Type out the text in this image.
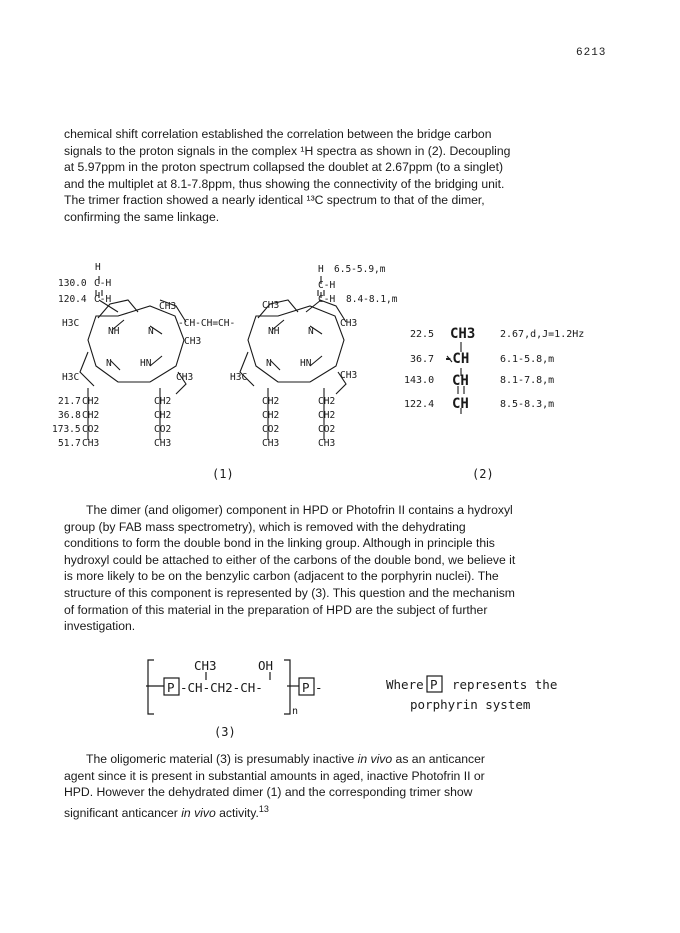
6213
chemical shift correlation established the correlation between the bridge carbon
signals to the proton signals in the complex ¹H spectra as shown in (2). Decoupling
at 5.97ppm in the proton spectrum collapsed the doublet at 2.67ppm (to a singlet)
and the multiplet at 8.1-7.8ppm, thus showing the connectivity of the bridging unit.
The trimer fraction showed a nearly identical ¹³C spectrum to that of the dimer,
confirming the same linkage.
H
130.0 C-H
120.4 C-H
CH3
H3C
NH	N
-CH-CH=CH-
CH3
N	HN
H3C	CH3
H 6.5-5.9,m
C-H
C-H 8.4-8.1,m
CH3
CH3
NH	N
N	HN
H3C	CH3
21.7 CH2	CH2	CH2	CH2
36.8 CH2	CH2	CH2	CH2
173.5 CO2	CO2	CO2	CO2
51.7 CH3	CH3	CH3	CH3
22.5 CH3 2.67,d,J=1.2Hz
36.7 -CH	6.1-5.8,m
143.0 CH	8.1-7.8,m
122.4 CH	8.5-8.3,m
(1)	(2)
CH3	OH
P -CH-CH2-CH-	P -
n
Where P represents the
porphyrin system
(3)
The dimer (and oligomer) component in HPD or Photofrin II contains a hydroxyl
group (by FAB mass spectrometry), which is removed with the dehydrating
conditions to form the double bond in the linking group. Although in principle this
hydroxyl could be attached to either of the carbons of the double bond, we believe it
is more likely to be on the benzylic carbon (adjacent to the porphyrin nuclei). The
structure of this component is represented by (3). This question and the mechanism
of formation of this material in the preparation of HPD are the subject of further
investigation.
The oligomeric material (3) is presumably inactive in vivo as an anticancer
agent since it is present in substantial amounts in aged, inactive Photofrin II or
HPD. However the dehydrated dimer (1) and the corresponding trimer show
significant anticancer in vivo activity.$^{13}$
